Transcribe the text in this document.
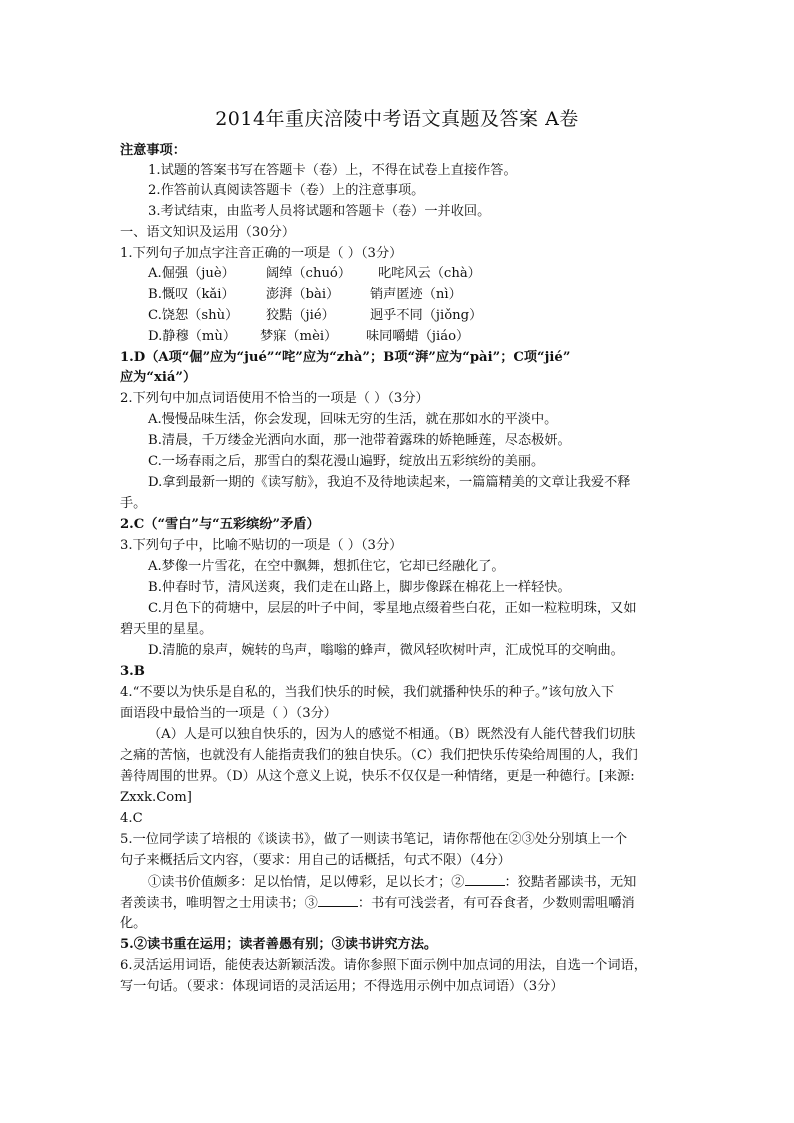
2014年重庆涪陵中考语文真题及答案 A卷
注意事项：
1.试题的答案书写在答题卡（卷）上，不得在试卷上直接作答。
2.作答前认真阅读答题卡（卷）上的注意事项。
3.考试结束，由监考人员将试题和答题卡（卷）一并收回。
一、语文知识及运用（30分）
1.下列句子加点字注音正确的一项是（ ）（3分）
A.倔强（juè） 阔绰（chuó） 叱咤风云（chà）
B.慨叹（kǎi） 澎湃（bài） 销声匿迹（nì）
C.饶恕（shù） 狡黠（jié）	迥乎不同（jiǒng）
D.静穆（mù） 梦寐（mèi） 味同嚼蜡（jiáo）
1.D（A项“倔”应为“jué”“咤”应为“zhà”；B项“湃”应为“pài”；C项“jié”
应为“xiá”）
2.下列句中加点词语使用不恰当的一项是（ ）（3分）
A.慢慢品味生活，你会发现，回味无穷的生活，就在那如水的平淡中。
B.清晨，千万缕金光洒向水面，那一池带着露珠的娇艳睡莲，尽态极妍。
C.一场春雨之后，那雪白的梨花漫山遍野，绽放出五彩缤纷的美丽。
D.拿到最新一期的《读写舫》，我迫不及待地读起来，一篇篇精美的文章让我爱不释
手。
2.C（“雪白”与“五彩缤纷”矛盾）
3.下列句子中，比喻不贴切的一项是（ ）（3分）
A.梦像一片雪花，在空中飘舞，想抓住它，它却已经融化了。
B.仲春时节，清风送爽，我们走在山路上，脚步像踩在棉花上一样轻快。
C.月色下的荷塘中，层层的叶子中间，零星地点缀着些白花，正如一粒粒明珠，又如
碧天里的星星。
D.清脆的泉声，婉转的鸟声，嗡嗡的蜂声，微风轻吹树叶声，汇成悦耳的交响曲。
3.B
4.“不要以为快乐是自私的，当我们快乐的时候，我们就播种快乐的种子。”该句放入下
面语段中最恰当的一项是（ ）（3分）
（A）人是可以独自快乐的，因为人的感觉不相通。（B）既然没有人能代替我们切肤
之痛的苦恼，也就没有人能指责我们的独自快乐。（C）我们把快乐传染给周围的人，我们
善待周围的世界。（D）从这个意义上说，快乐不仅仅是一种情绪，更是一种德行。[来源:
Zxxk.Com]
4.C
5.一位同学读了培根的《谈读书》，做了一则读书笔记，请你帮他在②③处分别填上一个
句子来概括后文内容，（要求：用自己的话概括，句式不限）（4分）
①读书价值颇多：足以怡情，足以傅彩，足以长才；②	：狡黠者鄙读书，无知
者羡读书，唯明智之士用读书；③	：书有可浅尝者，有可吞食者，少数则需咀嚼消
化。
5.②读书重在运用；读者善愚有别；③读书讲究方法。
6.灵活运用词语，能使表达新颖活泼。请你参照下面示例中加点词的用法，自选一个词语，
写一句话。（要求：体现词语的灵活运用；不得选用示例中加点词语）（3分）
